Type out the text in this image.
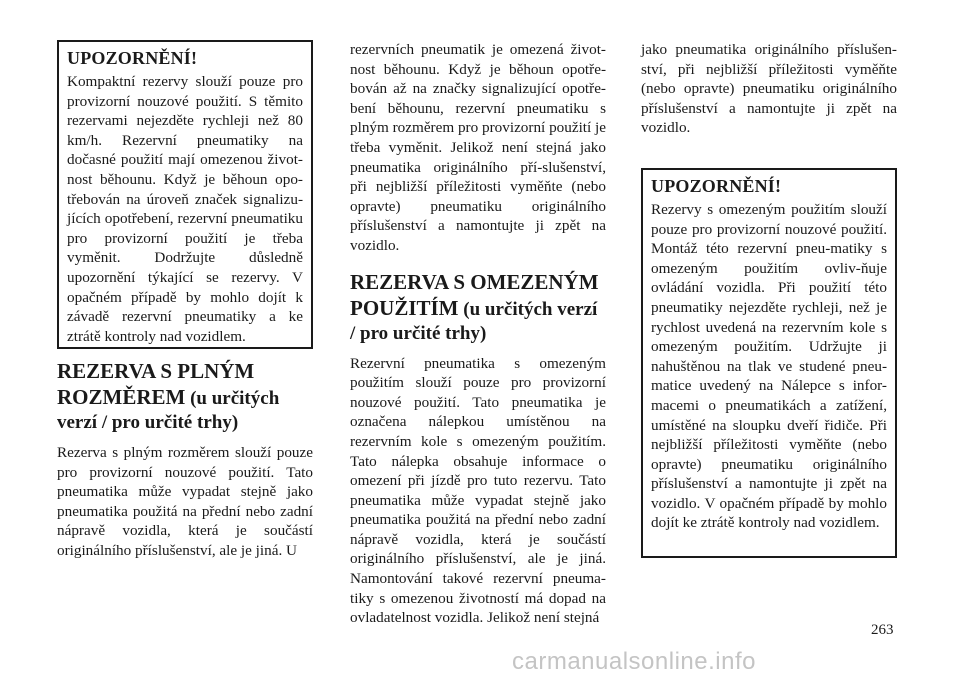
UPOZORNĚNÍ!

Kompaktní rezervy slouží pouze pro provizorní nouzové použití. S těmito rezervami nejezděte rychleji než 80 km/h. Rezervní pneumatiky na dočasné použití mají omezenou život-nost běhounu. Když je běhoun opo-třebován na úroveň značek signalizu-jících opotřebení, rezervní pneumatiku pro provizorní použití je třeba vyměnit. Dodržujte důsledně upozornění týkající se rezervy. V opačném případě by mohlo dojít k závadě rezervní pneumatiky a ke ztrátě kontroly nad vozidlem.

REZERVA S PLNÝM ROZMĚREM (u určitých verzí / pro určité trhy)

Rezerva s plným rozměrem slouží pouze pro provizorní nouzové použití. Tato pneumatika může vypadat stejně jako pneumatika použitá na přední nebo zadní nápravě vozidla, která je součástí originálního příslušenství, ale je jiná. U

rezervních pneumatik je omezená život-nost běhounu. Když je běhoun opotře-bován až na značky signalizující opotře-bení běhounu, rezervní pneumatiku s plným rozměrem pro provizorní použití je třeba vyměnit. Jelikož není stejná jako pneumatika originálního pří-slušenství, při nejbližší příležitosti vyměňte (nebo opravte) pneumatiku originálního příslušenství a namontujte ji zpět na vozidlo.

REZERVA S OMEZENÝM POUŽITÍM (u určitých verzí / pro určité trhy)

Rezervní pneumatika s omezeným použitím slouží pouze pro provizorní nouzové použití. Tato pneumatika je označena nálepkou umístěnou na rezervním kole s omezeným použitím. Tato nálepka obsahuje informace o omezení při jízdě pro tuto rezervu. Tato pneumatika může vypadat stejně jako pneumatika použitá na přední nebo zadní nápravě vozidla, která je součástí originálního příslušenství, ale je jiná. Namontování takové rezervní pneuma-tiky s omezenou životností má dopad na ovladatelnost vozidla. Jelikož není stejná

jako pneumatika originálního příslušen-ství, při nejbližší příležitosti vyměňte (nebo opravte) pneumatiku originálního příslušenství a namontujte ji zpět na vozidlo.

UPOZORNĚNÍ!

Rezervy s omezeným použitím slouží pouze pro provizorní nouzové použití. Montáž této rezervní pneu-matiky s omezeným použitím ovliv-ňuje ovládání vozidla. Při použití této pneumatiky nejezděte rychleji, než je rychlost uvedená na rezervním kole s omezeným použitím. Udržujte ji nahuštěnou na tlak ve studené pneu-matice uvedený na Nálepce s infor-macemi o pneumatikách a zatížení, umístěné na sloupku dveří řidiče. Při nejbližší příležitosti vyměňte (nebo opravte) pneumatiku originálního příslušenství a namontujte ji zpět na vozidlo. V opačném případě by mohlo dojít ke ztrátě kontroly nad vozidlem.

263
carmanualsonline.info
